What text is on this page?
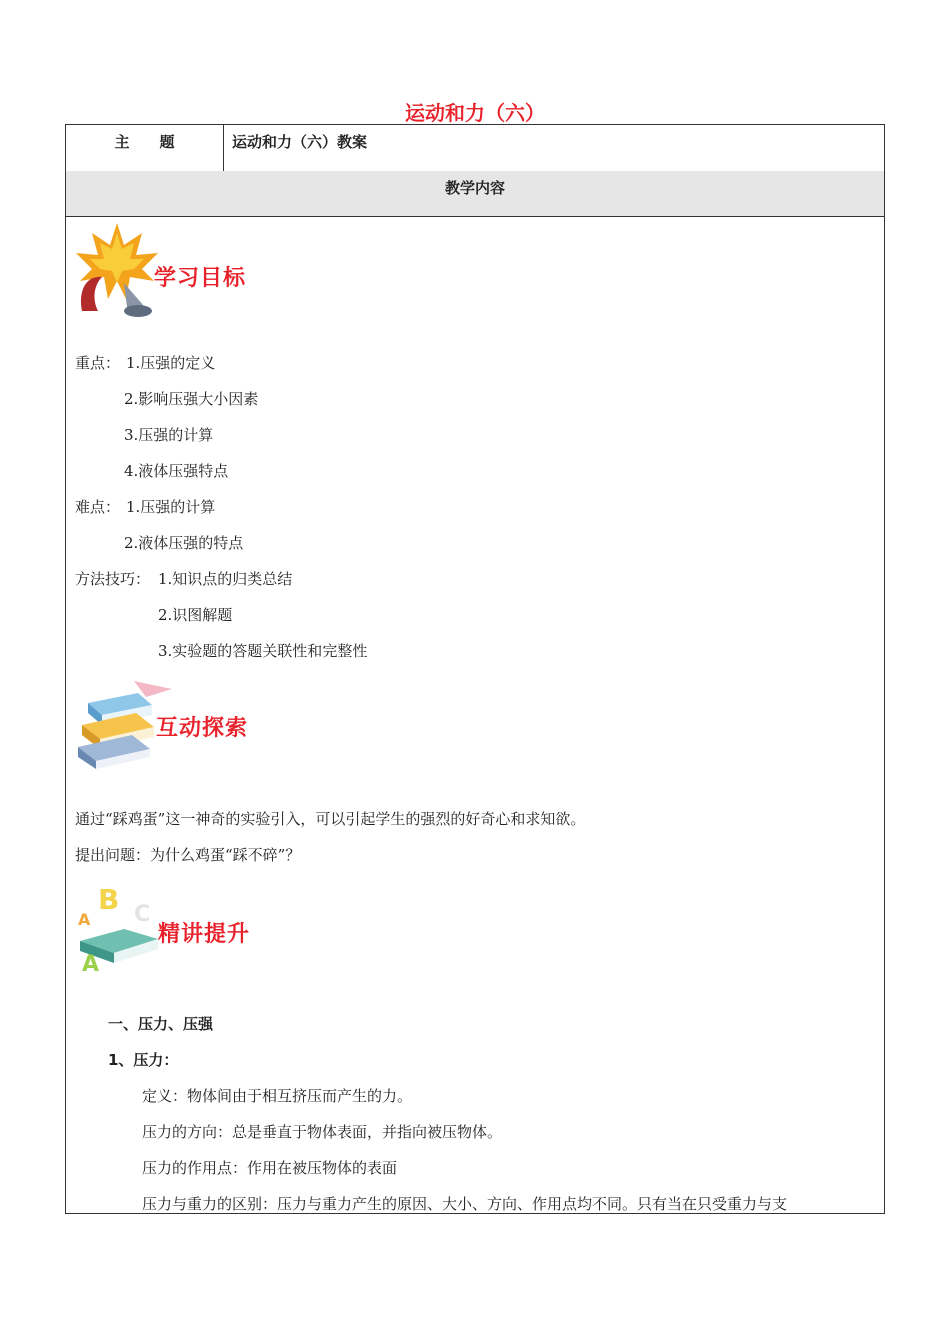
运动和力（六）
主　　题	运动和力（六）教案
教学内容
学习目标
重点： 1.压强的定义
2.影响压强大小因素
3.压强的计算
4.液体压强特点
难点： 1.压强的计算
2.液体压强的特点
方法技巧： 1.知识点的归类总结
2.识图解题
3.实验题的答题关联性和完整性
互动探索
通过“踩鸡蛋”这一神奇的实验引入，可以引起学生的强烈的好奇心和求知欲。
提出问题：为什么鸡蛋“踩不碎”？
B C
A
A
精讲提升
一、压力、压强
1、压力：
定义：物体间由于相互挤压而产生的力。
压力的方向：总是垂直于物体表面，并指向被压物体。
压力的作用点：作用在被压物体的表面
压力与重力的区别：压力与重力产生的原因、大小、方向、作用点均不同。只有当在只受重力与支
